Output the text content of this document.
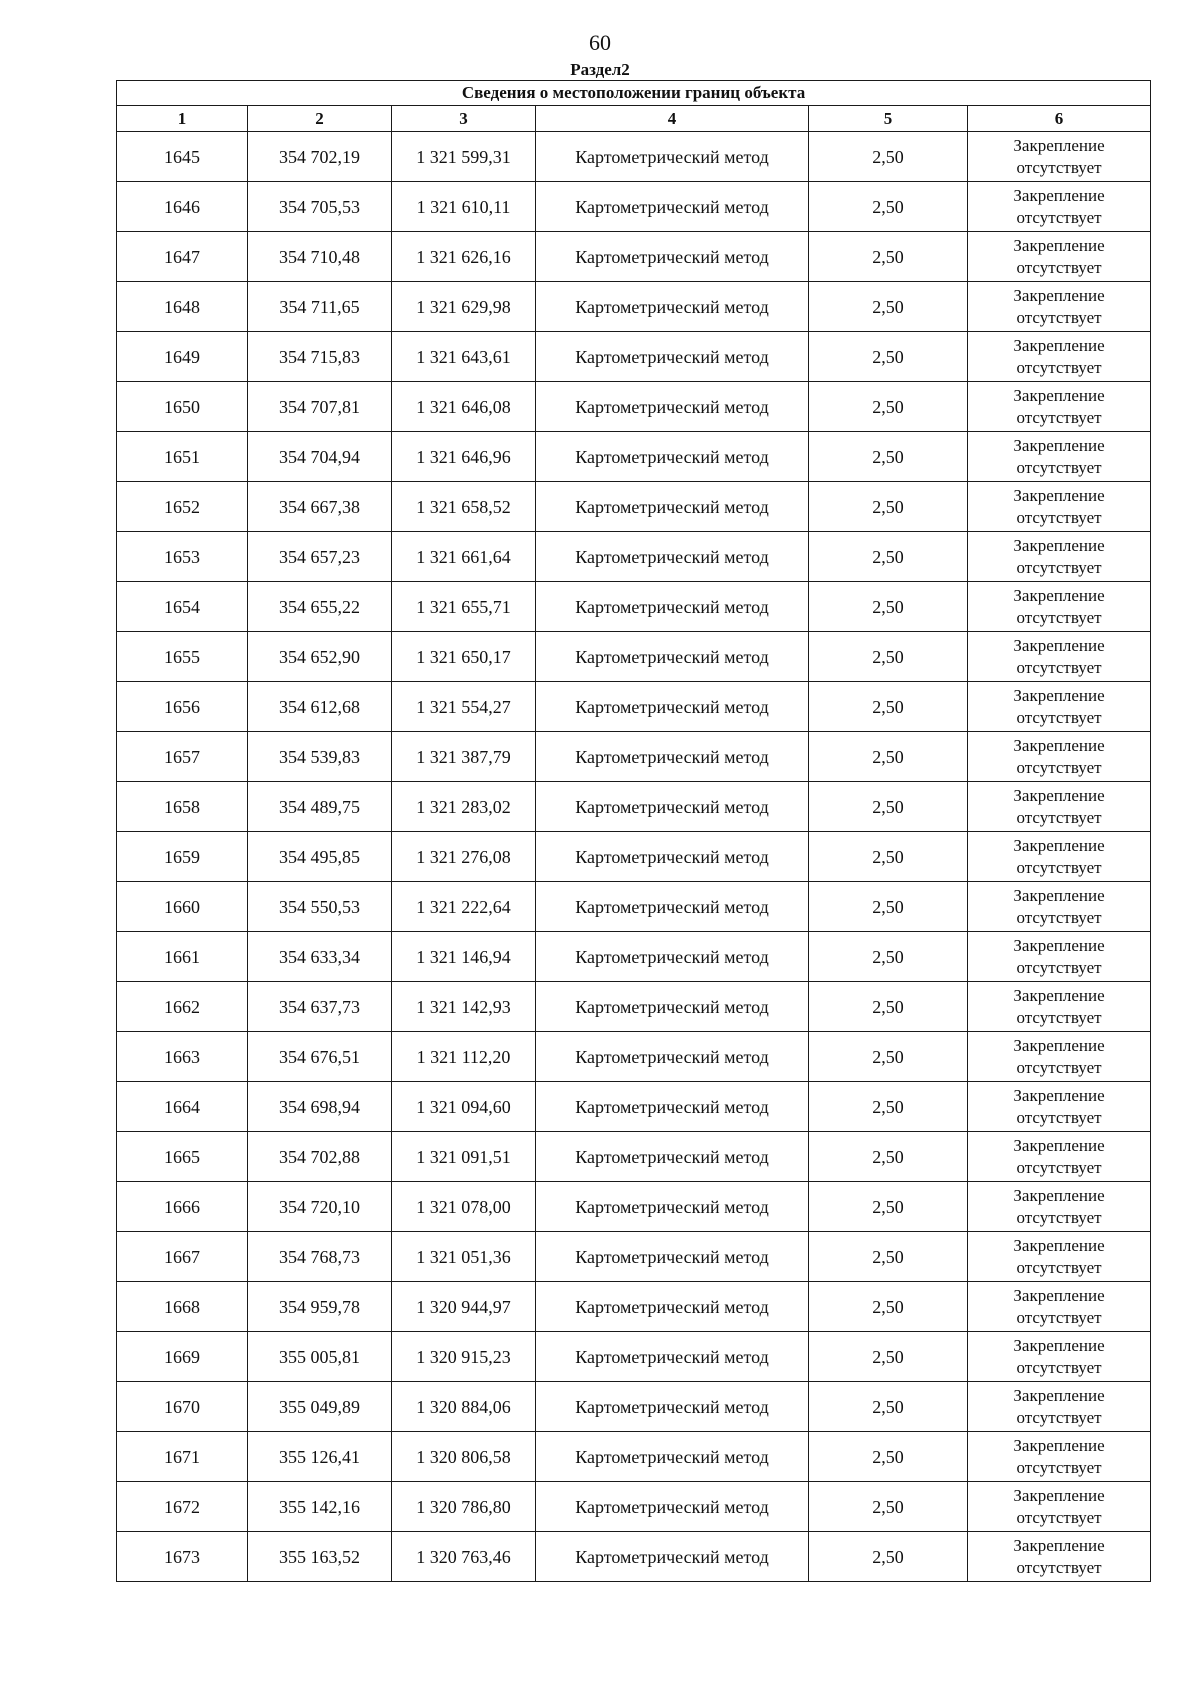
60
Раздел2
Сведения о местоположении границ объекта					
1	2	3	4	5	6
1645	354 702,19	1 321 599,31	Картометрический метод	2,50	Закрепление
отсутствует

1646	354 705,53	1 321 610,11	Картометрический метод	2,50	Закрепление
отсутствует

1647	354 710,48	1 321 626,16	Картометрический метод	2,50	Закрепление
отсутствует

1648	354 711,65	1 321 629,98	Картометрический метод	2,50	Закрепление
отсутствует

1649	354 715,83	1 321 643,61	Картометрический метод	2,50	Закрепление
отсутствует

1650	354 707,81	1 321 646,08	Картометрический метод	2,50	Закрепление
отсутствует

1651	354 704,94	1 321 646,96	Картометрический метод	2,50	Закрепление
отсутствует

1652	354 667,38	1 321 658,52	Картометрический метод	2,50	Закрепление
отсутствует

1653	354 657,23	1 321 661,64	Картометрический метод	2,50	Закрепление
отсутствует

1654	354 655,22	1 321 655,71	Картометрический метод	2,50	Закрепление
отсутствует

1655	354 652,90	1 321 650,17	Картометрический метод	2,50	Закрепление
отсутствует

1656	354 612,68	1 321 554,27	Картометрический метод	2,50	Закрепление
отсутствует

1657	354 539,83	1 321 387,79	Картометрический метод	2,50	Закрепление
отсутствует

1658	354 489,75	1 321 283,02	Картометрический метод	2,50	Закрепление
отсутствует

1659	354 495,85	1 321 276,08	Картометрический метод	2,50	Закрепление
отсутствует

1660	354 550,53	1 321 222,64	Картометрический метод	2,50	Закрепление
отсутствует

1661	354 633,34	1 321 146,94	Картометрический метод	2,50	Закрепление
отсутствует

1662	354 637,73	1 321 142,93	Картометрический метод	2,50	Закрепление
отсутствует

1663	354 676,51	1 321 112,20	Картометрический метод	2,50	Закрепление
отсутствует

1664	354 698,94	1 321 094,60	Картометрический метод	2,50	Закрепление
отсутствует

1665	354 702,88	1 321 091,51	Картометрический метод	2,50	Закрепление
отсутствует

1666	354 720,10	1 321 078,00	Картометрический метод	2,50	Закрепление
отсутствует

1667	354 768,73	1 321 051,36	Картометрический метод	2,50	Закрепление
отсутствует

1668	354 959,78	1 320 944,97	Картометрический метод	2,50	Закрепление
отсутствует

1669	355 005,81	1 320 915,23	Картометрический метод	2,50	Закрепление
отсутствует

1670	355 049,89	1 320 884,06	Картометрический метод	2,50	Закрепление
отсутствует

1671	355 126,41	1 320 806,58	Картометрический метод	2,50	Закрепление
отсутствует

1672	355 142,16	1 320 786,80	Картометрический метод	2,50	Закрепление
отсутствует

1673	355 163,52	1 320 763,46	Картометрический метод	2,50	Закрепление
отсутствует
